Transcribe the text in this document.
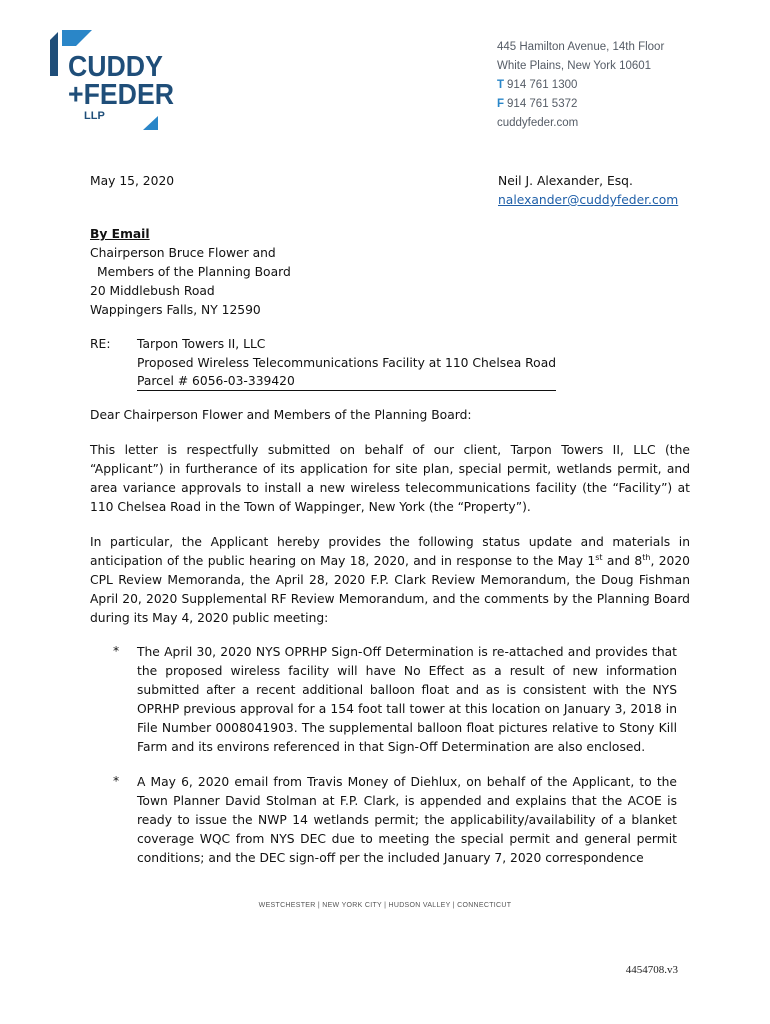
CUDDY
+FEDER
LLP
445 Hamilton Avenue, 14th Floor
White Plains, New York 10601
T 914 761 1300
F 914 761 5372
cuddyfeder.com
May 15, 2020	Neil J. Alexander, Esq.
nalexander@cuddyfeder.com
By Email
Chairperson Bruce Flower and
Members of the Planning Board
20 Middlebush Road
Wappingers Falls, NY 12590
RE: Tarpon Towers II, LLC
Proposed Wireless Telecommunications Facility at 110 Chelsea Road
Parcel # 6056-03-339420
Dear Chairperson Flower and Members of the Planning Board:
This letter is respectfully submitted on behalf of our client, Tarpon Towers II, LLC (the “Applicant”) in furtherance of its application for site plan, special permit, wetlands permit, and area variance approvals to install a new wireless telecommunications facility (the “Facility”) at 110 Chelsea Road in the Town of Wappinger, New York (the “Property”).
In particular, the Applicant hereby provides the following status update and materials in anticipation of the public hearing on May 18, 2020, and in response to the May 1st and 8th, 2020 CPL Review Memoranda, the April 28, 2020 F.P. Clark Review Memorandum, the Doug Fishman April 20, 2020 Supplemental RF Review Memorandum, and the comments by the Planning Board during its May 4, 2020 public meeting:
* The April 30, 2020 NYS OPRHP Sign-Off Determination is re-attached and provides that the proposed wireless facility will have No Effect as a result of new information submitted after a recent additional balloon float and as is consistent with the NYS OPRHP previous approval for a 154 foot tall tower at this location on January 3, 2018 in File Number 0008041903. The supplemental balloon float pictures relative to Stony Kill Farm and its environs referenced in that Sign-Off Determination are also enclosed.
* A May 6, 2020 email from Travis Money of Diehlux, on behalf of the Applicant, to the Town Planner David Stolman at F.P. Clark, is appended and explains that the ACOE is ready to issue the NWP 14 wetlands permit; the applicability/availability of a blanket coverage WQC from NYS DEC due to meeting the special permit and general permit conditions; and the DEC sign-off per the included January 7, 2020 correspondence
WESTCHESTER | NEW YORK CITY | HUDSON VALLEY | CONNECTICUT
4454708.v3
